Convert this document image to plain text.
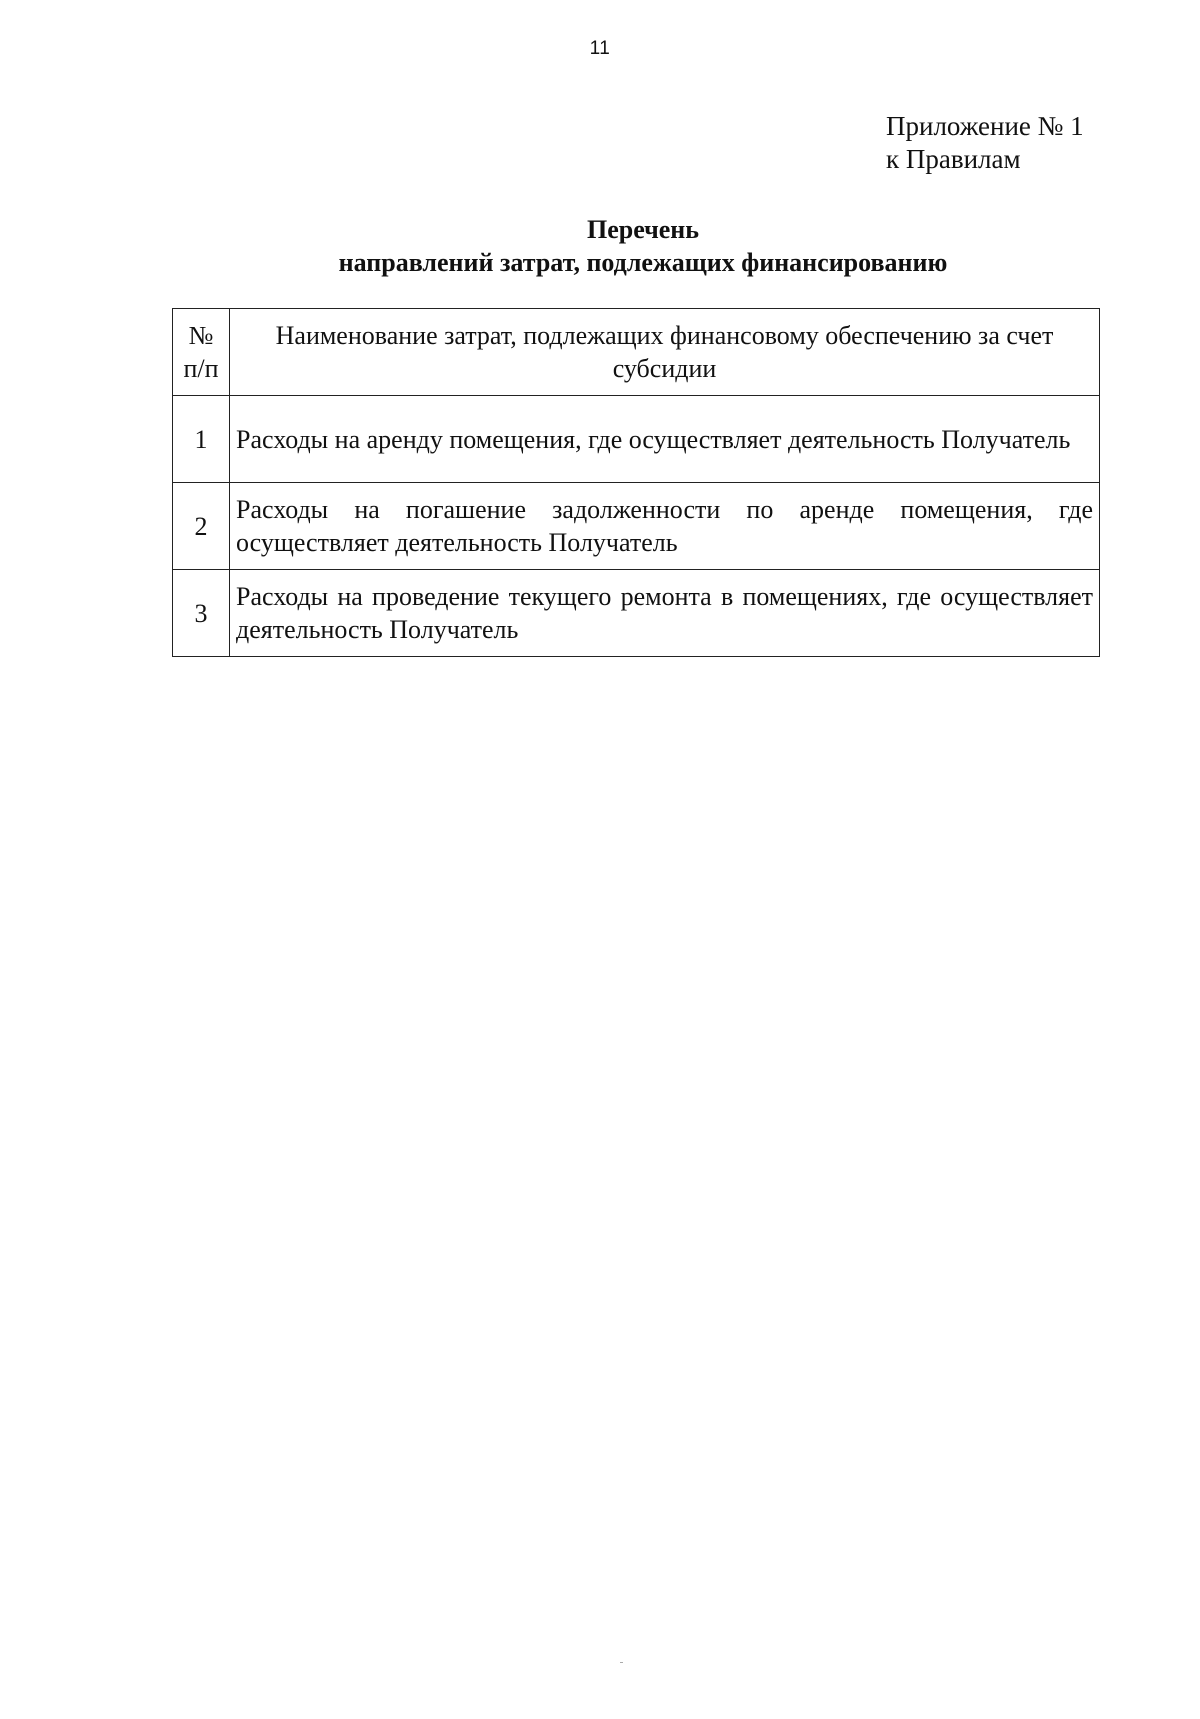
11
Приложение № 1
к Правилам
Перечень
направлений затрат, подлежащих финансированию
№
п/п	Наименование затрат, подлежащих финансовому обеспечению за счет субсидии
1	Расходы на аренду помещения, где осуществляет деятельность Получатель
2	Расходы на погашение задолженности по аренде помещения, где осуществляет деятельность Получатель
3	Расходы на проведение текущего ремонта в помещениях, где осуществляет деятельность Получатель
